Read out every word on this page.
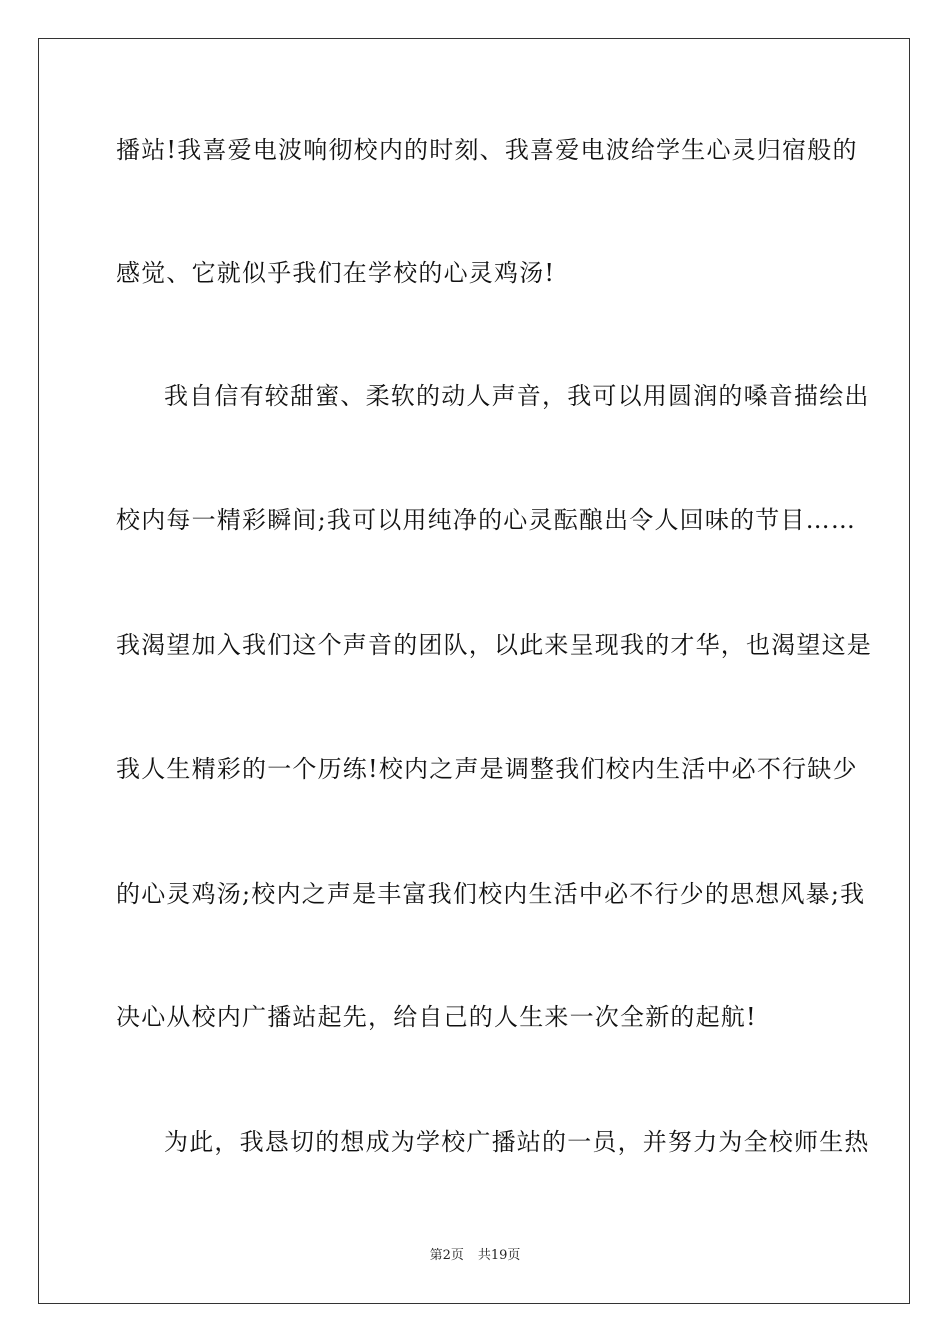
播站!我喜爱电波响彻校内的时刻、我喜爱电波给学生心灵归宿般的
感觉、它就似乎我们在学校的心灵鸡汤!
我自信有较甜蜜、柔软的动人声音，我可以用圆润的嗓音描绘出
校内每一精彩瞬间;我可以用纯净的心灵酝酿出令人回味的节目……
我渴望加入我们这个声音的团队，以此来呈现我的才华，也渴望这是
我人生精彩的一个历练!校内之声是调整我们校内生活中必不行缺少
的心灵鸡汤;校内之声是丰富我们校内生活中必不行少的思想风暴;我
决心从校内广播站起先，给自己的人生来一次全新的起航!
为此，我恳切的想成为学校广播站的一员，并努力为全校师生热
第2页 共19页
